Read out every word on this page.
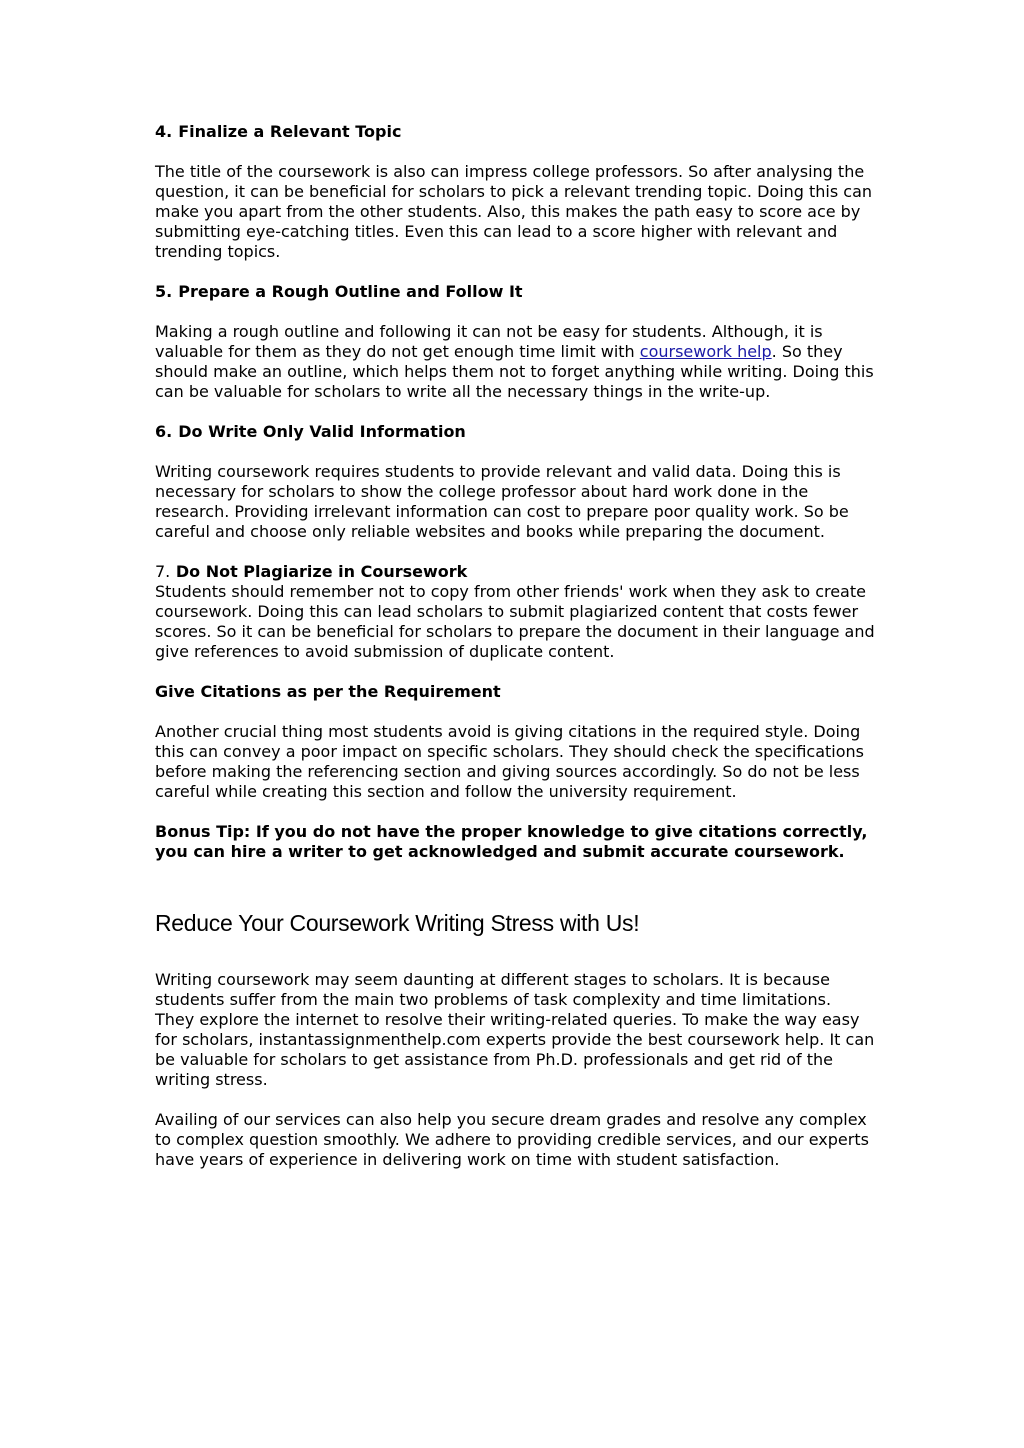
4. Finalize a Relevant Topic

The title of the coursework is also can impress college professors. So after analysing the question, it can be beneficial for scholars to pick a relevant trending topic. Doing this can make you apart from the other students. Also, this makes the path easy to score ace by submitting eye-catching titles. Even this can lead to a score higher with relevant and trending topics.

5. Prepare a Rough Outline and Follow It

Making a rough outline and following it can not be easy for students. Although, it is valuable for them as they do not get enough time limit with coursework help. So they should make an outline, which helps them not to forget anything while writing. Doing this can be valuable for scholars to write all the necessary things in the write-up.

6. Do Write Only Valid Information

Writing coursework requires students to provide relevant and valid data. Doing this is necessary for scholars to show the college professor about hard work done in the research. Providing irrelevant information can cost to prepare poor quality work. So be careful and choose only reliable websites and books while preparing the document.

7. Do Not Plagiarize in Coursework

Students should remember not to copy from other friends' work when they ask to create coursework. Doing this can lead scholars to submit plagiarized content that costs fewer scores. So it can be beneficial for scholars to prepare the document in their language and give references to avoid submission of duplicate content.

Give Citations as per the Requirement

Another crucial thing most students avoid is giving citations in the required style. Doing this can convey a poor impact on specific scholars. They should check the specifications before making the referencing section and giving sources accordingly. So do not be less careful while creating this section and follow the university requirement.

Bonus Tip: If you do not have the proper knowledge to give citations correctly, you can hire a writer to get acknowledged and submit accurate coursework.

Reduce Your Coursework Writing Stress with Us!

Writing coursework may seem daunting at different stages to scholars. It is because students suffer from the main two problems of task complexity and time limitations. They explore the internet to resolve their writing-related queries. To make the way easy for scholars, instantassignmenthelp.com experts provide the best coursework help. It can be valuable for scholars to get assistance from Ph.D. professionals and get rid of the writing stress.

Availing of our services can also help you secure dream grades and resolve any complex to complex question smoothly. We adhere to providing credible services, and our experts have years of experience in delivering work on time with student satisfaction.
